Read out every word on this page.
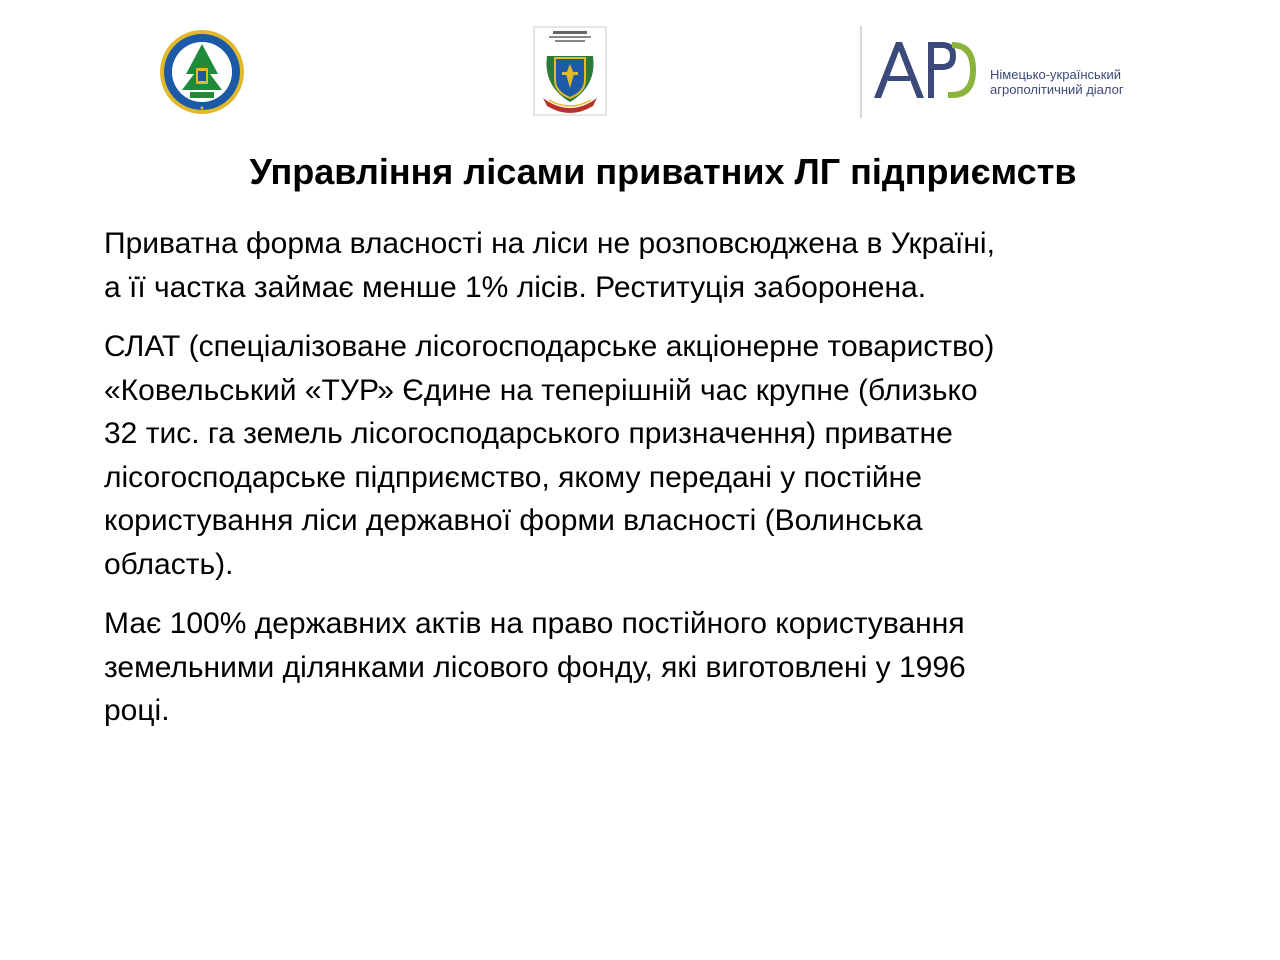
Німецько-український
агрополітичний діалог
Управління лісами приватних ЛГ підприємств

Приватна форма власності на ліси не розповсюджена в Україні,
а її частка займає менше 1% лісів. Реституція заборонена.

СЛАТ (спеціалізоване лісогосподарське акціонерне товариство)
«Ковельський «ТУР» Єдине на теперішній час крупне (близько
32 тис. га земель лісогосподарського призначення) приватне
лісогосподарське підприємство, якому передані у постійне
користування ліси державної форми власності (Волинська
область).

Має 100% державних актів на право постійного користування
земельними ділянками лісового фонду, які виготовлені у 1996
році.
